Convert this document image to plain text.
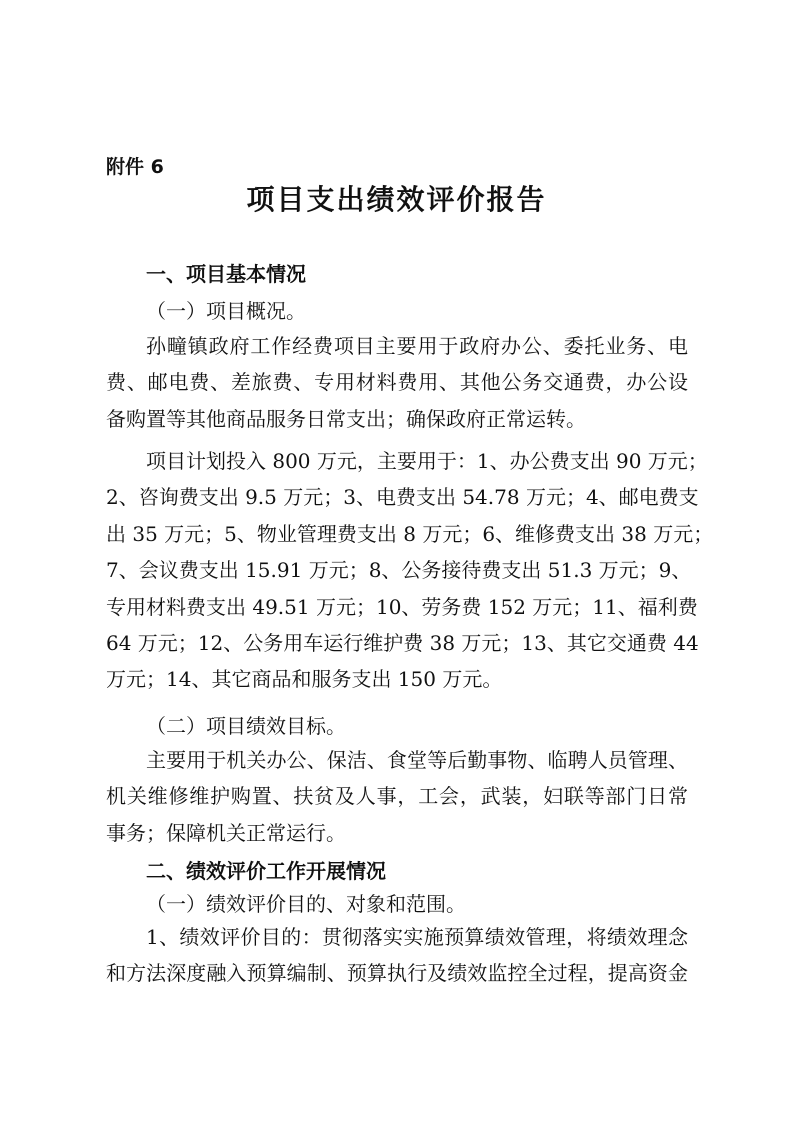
附件 6
项目支出绩效评价报告
一、项目基本情况
（一）项目概况。
孙疃镇政府工作经费项目主要用于政府办公、委托业务、电
费、邮电费、差旅费、专用材料费用、其他公务交通费，办公设
备购置等其他商品服务日常支出；确保政府正常运转。
项目计划投入 800 万元，主要用于：1、办公费支出 90 万元；
2、咨询费支出 9.5 万元；3、电费支出 54.78 万元；4、邮电费支
出 35 万元；5、物业管理费支出 8 万元；6、维修费支出 38 万元；
7、会议费支出 15.91 万元；8、公务接待费支出 51.3 万元；9、
专用材料费支出 49.51 万元；10、劳务费 152 万元；11、福利费
64 万元；12、公务用车运行维护费 38 万元；13、其它交通费 44
万元；14、其它商品和服务支出 150 万元。
（二）项目绩效目标。
主要用于机关办公、保洁、食堂等后勤事物、临聘人员管理、
机关维修维护购置、扶贫及人事，工会，武装，妇联等部门日常
事务；保障机关正常运行。
二、绩效评价工作开展情况
（一）绩效评价目的、对象和范围。
1、绩效评价目的：贯彻落实实施预算绩效管理，将绩效理念
和方法深度融入预算编制、预算执行及绩效监控全过程，提高资金
